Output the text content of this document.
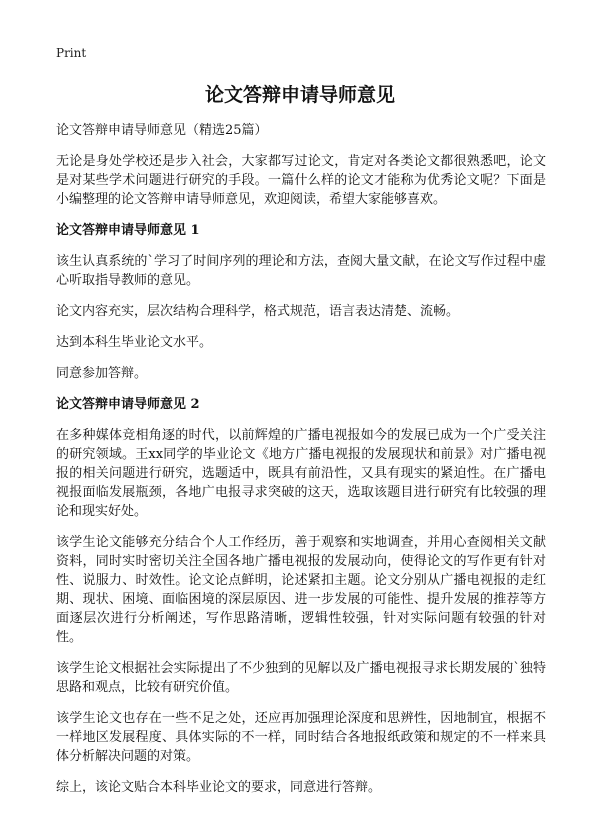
Print
论文答辩申请导师意见

论文答辩申请导师意见（精选25篇）

无论是身处学校还是步入社会，大家都写过论文，肯定对各类论文都很熟悉吧，论文是对某些学术问题进行研究的手段。一篇什么样的论文才能称为优秀论文呢？下面是小编整理的论文答辩申请导师意见，欢迎阅读，希望大家能够喜欢。

论文答辩申请导师意见 1

该生认真系统的`学习了时间序列的理论和方法，查阅大量文献，在论文写作过程中虚心听取指导教师的意见。

论文内容充实，层次结构合理科学，格式规范，语言表达清楚、流畅。

达到本科生毕业论文水平。

同意参加答辩。

论文答辩申请导师意见 2

在多种媒体竞相角逐的时代，以前辉煌的广播电视报如今的发展已成为一个广受关注的研究领域。王xx同学的毕业论文《地方广播电视报的发展现状和前景》对广播电视报的相关问题进行研究，选题适中，既具有前沿性，又具有现实的紧迫性。在广播电视报面临发展瓶颈，各地广电报寻求突破的这天，选取该题目进行研究有比较强的理论和现实好处。

该学生论文能够充分结合个人工作经历，善于观察和实地调查，并用心查阅相关文献资料，同时实时密切关注全国各地广播电视报的发展动向，使得论文的写作更有针对性、说服力、时效性。论文论点鲜明，论述紧扣主题。论文分别从广播电视报的走红期、现状、困境、面临困境的深层原因、进一步发展的可能性、提升发展的推荐等方面逐层次进行分析阐述，写作思路清晰，逻辑性较强，针对实际问题有较强的针对性。

该学生论文根据社会实际提出了不少独到的见解以及广播电视报寻求长期发展的`独特思路和观点，比较有研究价值。

该学生论文也存在一些不足之处，还应再加强理论深度和思辨性，因地制宜，根据不一样地区发展程度、具体实际的不一样，同时结合各地报纸政策和规定的不一样来具体分析解决问题的对策。

综上，该论文贴合本科毕业论文的要求，同意进行答辩。
